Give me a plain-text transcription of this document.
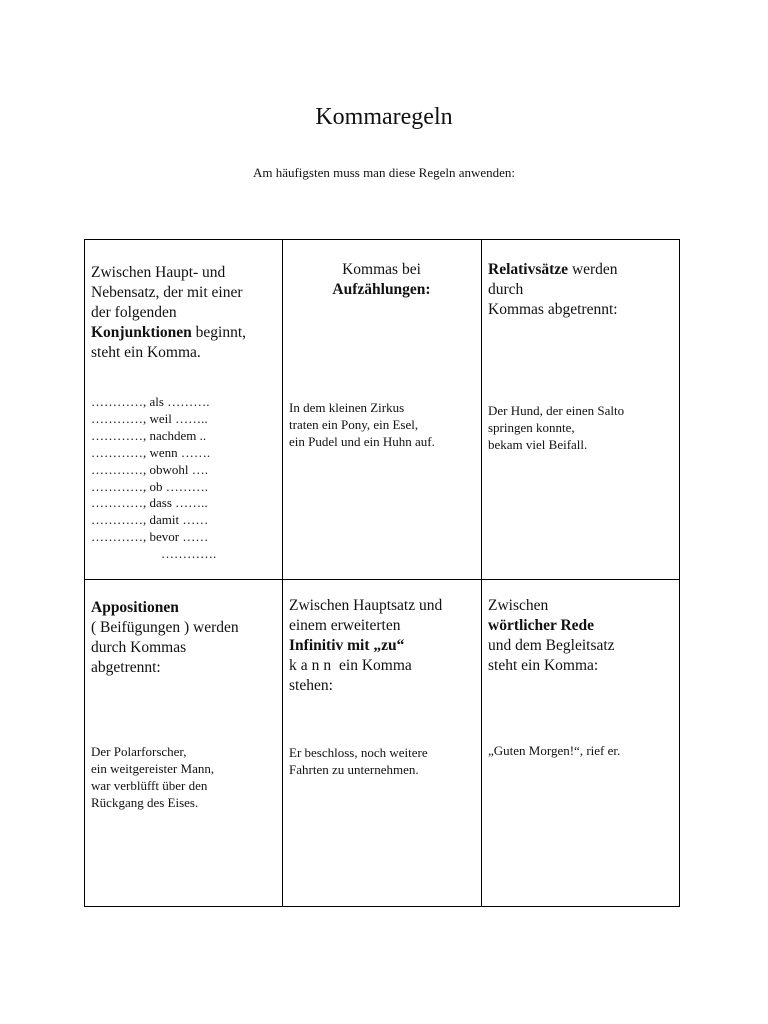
Kommaregeln
Am häufigsten muss man diese Regeln anwenden:
Zwischen Haupt- und
Nebensatz, der mit einer
der folgenden
Konjunktionen beginnt,
steht ein Komma.
…………, als ……….
…………, weil ……..
…………, nachdem ..
…………, wenn …….
…………, obwohl ….
…………, ob ……….
…………, dass ……..
…………, damit ……
…………, bevor ……
………….
Kommas bei
Aufzählungen:
In dem kleinen Zirkus
traten ein Pony, ein Esel,
ein Pudel und ein Huhn auf.
Relativsätze werden
durch
Kommas abgetrennt:
Der Hund, der einen Salto
springen konnte,
bekam viel Beifall.
Appositionen
( Beifügungen ) werden
durch Kommas
abgetrennt:
Der Polarforscher,
ein weitgereister Mann,
war verblüfft über den
Rückgang des Eises.
Zwischen Hauptsatz und
einem erweiterten
Infinitiv mit „zu“
kann ein Komma
stehen:
Er beschloss, noch weitere
Fahrten zu unternehmen.
Zwischen
wörtlicher Rede
und dem Begleitsatz
steht ein Komma:
„Guten Morgen!“, rief er.
